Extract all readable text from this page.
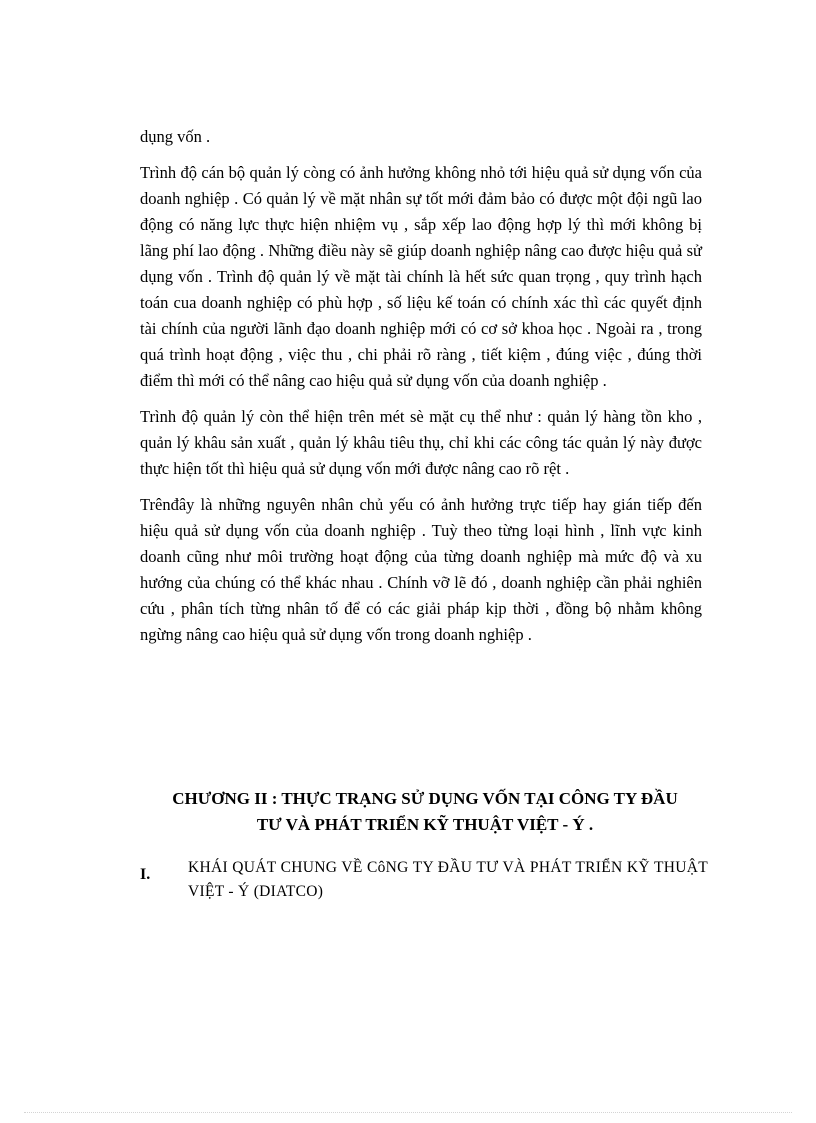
dụng vốn .

Trình độ cán bộ quản lý còng có ảnh hưởng không nhỏ tới hiệu quả sử dụng vốn của doanh nghiệp . Có quản lý về mặt nhân sự tốt mới đảm bảo có được một đội ngũ lao động có năng lực thực hiện nhiệm vụ , sắp xếp lao động hợp lý thì mới không bị lãng phí lao động . Những điều này sẽ giúp doanh nghiệp nâng cao được hiệu quả sử dụng vốn . Trình độ quản lý về mặt tài chính là hết sức quan trọng , quy trình hạch toán cua doanh nghiệp có phù hợp , số liệu kế toán có chính xác thì các quyết định tài chính của người lãnh đạo doanh nghiệp mới có cơ sở khoa học . Ngoài ra , trong quá trình hoạt động , việc thu , chi phải rõ ràng , tiết kiệm , đúng việc , đúng thời điểm thì mới có thể nâng cao hiệu quả sử dụng vốn của doanh nghiệp .

Trình độ quản lý còn thể hiện trên mét sè mặt cụ thể như : quản lý hàng tồn kho , quản lý khâu sản xuất , quản lý khâu tiêu thụ, chỉ khi các công tác quản lý này được thực hiện tốt thì hiệu quả sử dụng vốn mới được nâng cao rõ rệt .

Trênđây là những nguyên nhân chủ yếu có ảnh hưởng trực tiếp hay gián tiếp đến hiệu quả sử dụng vốn của doanh nghiệp . Tuỳ theo từng loại hình , lĩnh vực kinh doanh cũng như môi trường hoạt động của từng doanh nghiệp mà mức độ và xu hướng của chúng có thể khác nhau . Chính vỡ lẽ đó , doanh nghiệp cần phải nghiên cứu , phân tích từng nhân tố để có các giải pháp kịp thời , đồng bộ nhằm không ngừng nâng cao hiệu quả sử dụng vốn trong doanh nghiệp .

CHƯƠNG II : THỰC TRẠNG SỬ DỤNG VỐN TẠI CÔNG TY ĐẦU
TƯ VÀ PHÁT TRIỂN KỸ THUẬT VIỆT - Ý .
I. KHÁI QUÁT CHUNG VỀ CôNG TY ĐẦU TƯ VÀ PHÁT TRIỂN KỸ THUẬT VIỆT - Ý (DIATCO)
